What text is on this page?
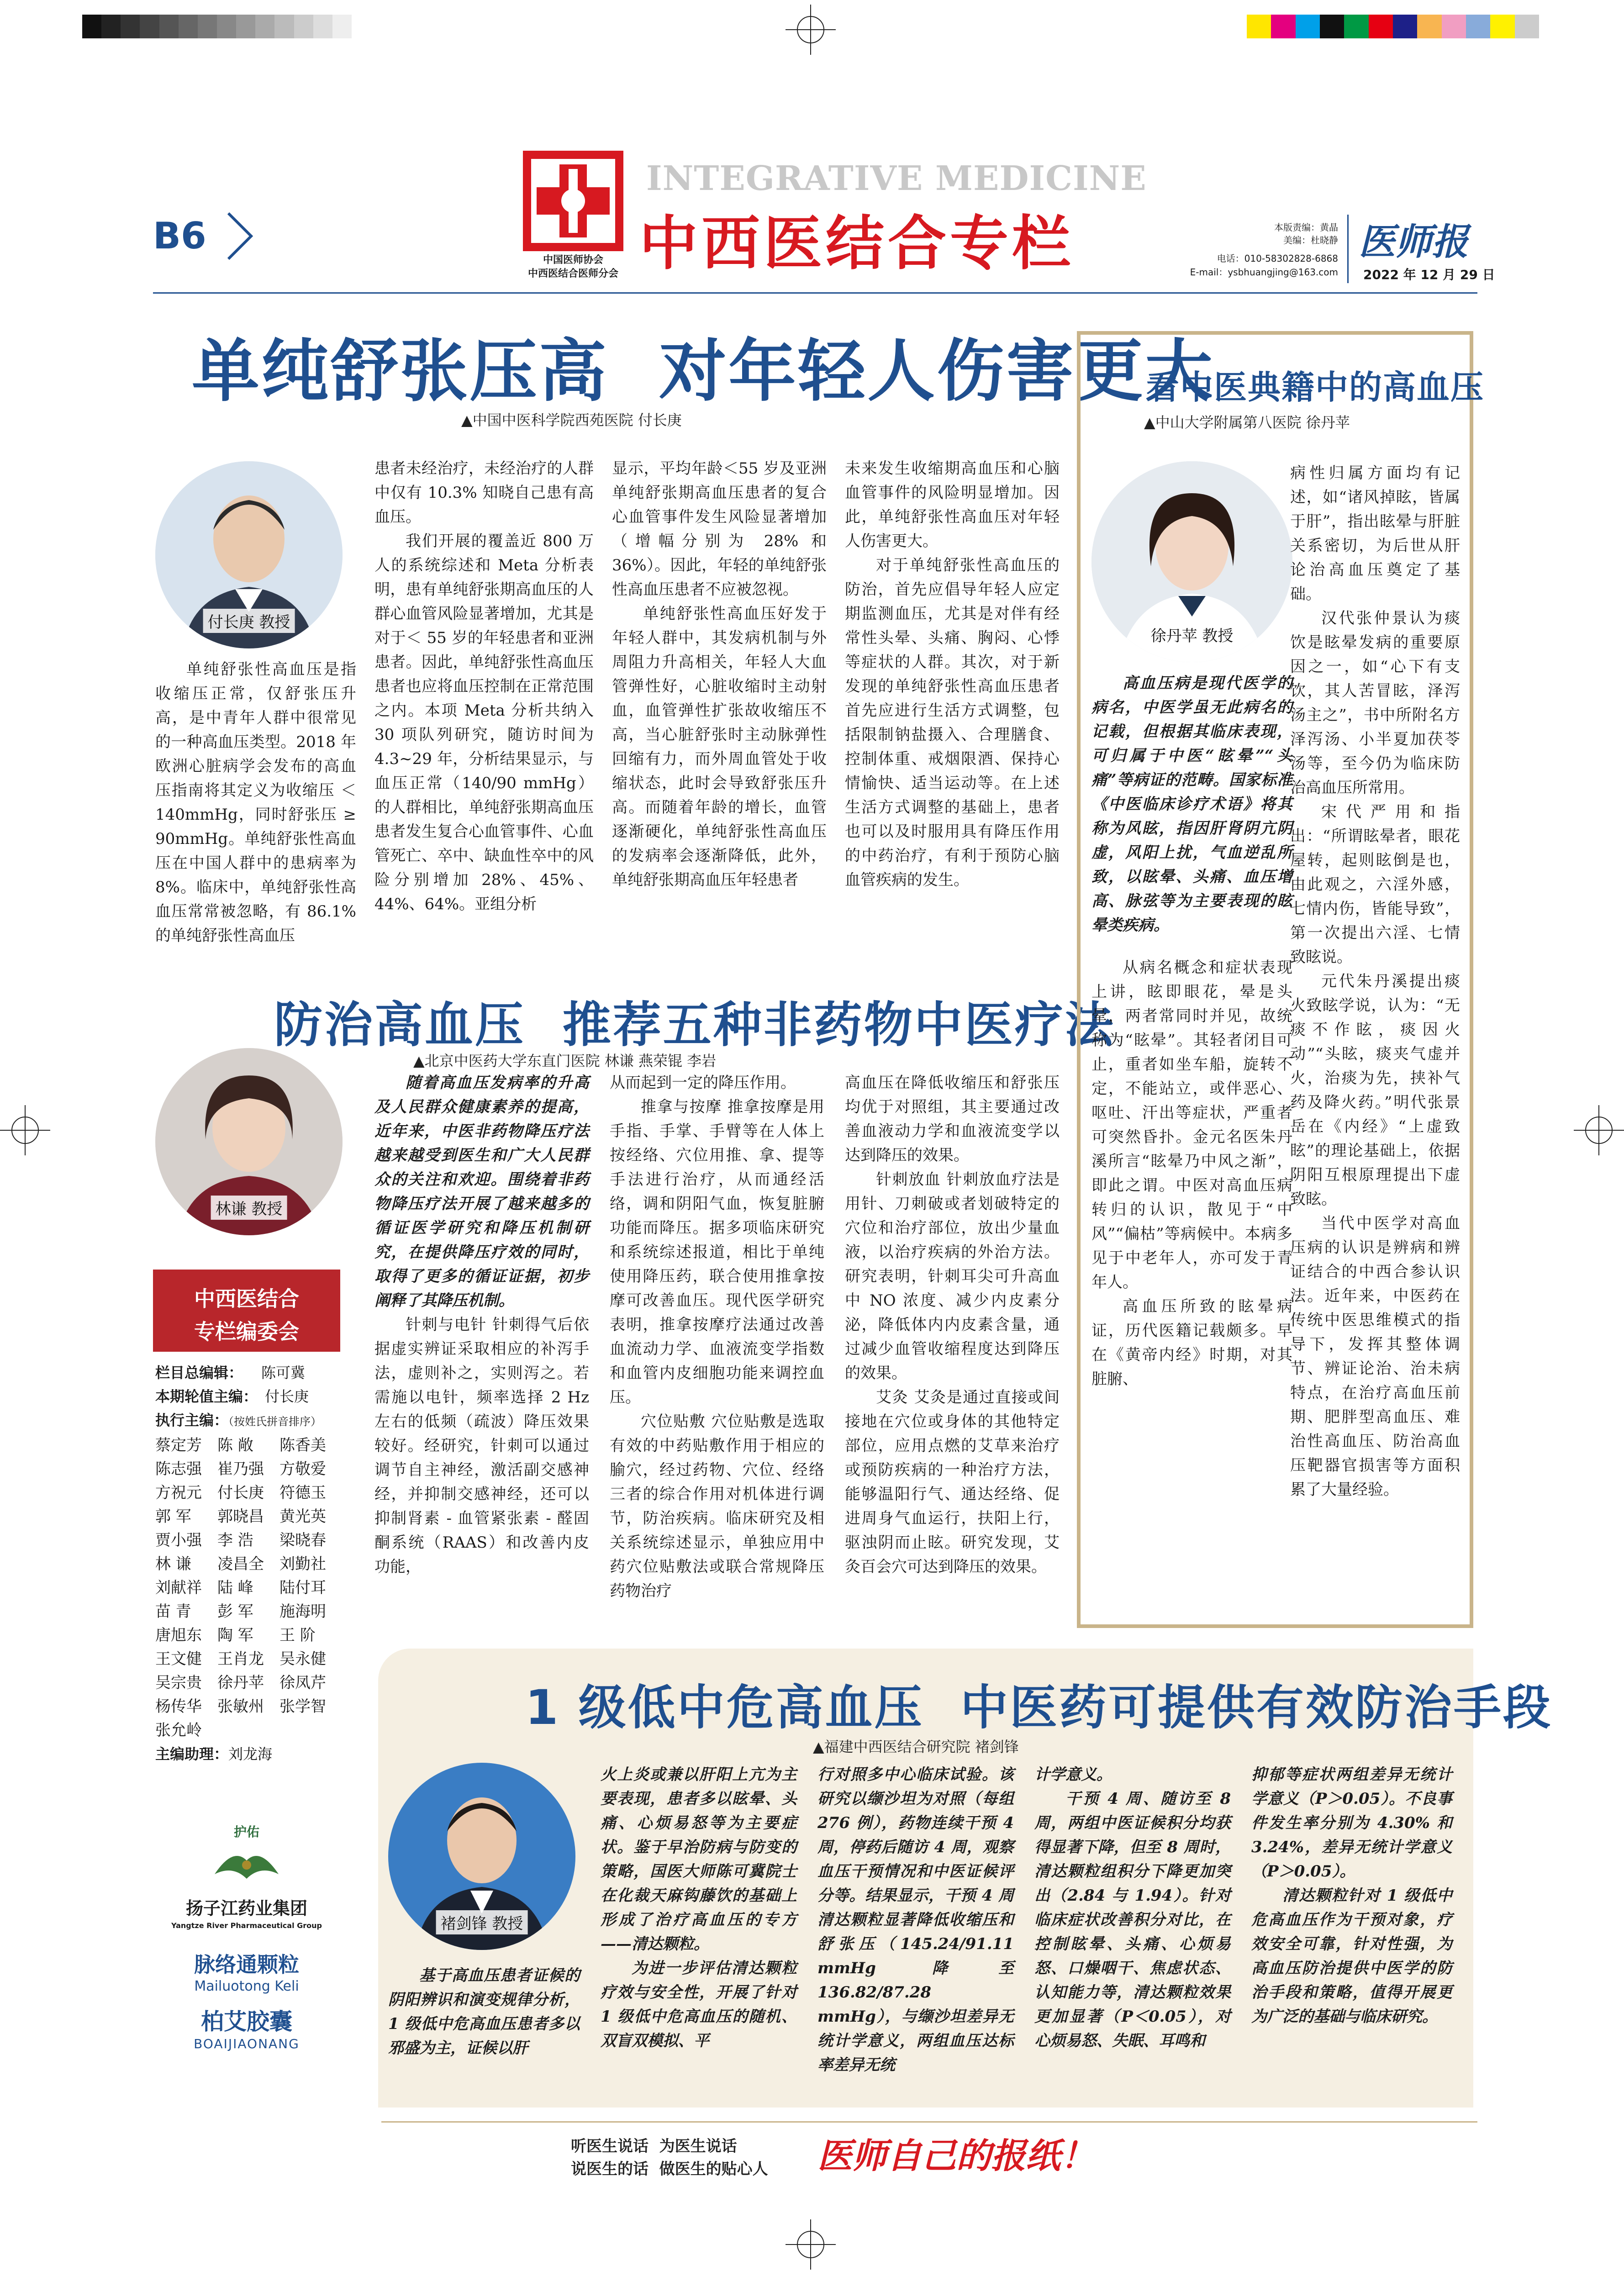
B6
中国医师协会
中西医结合医师分会
INTEGRATIVE MEDICINE
中西医结合专栏	本版责编：黄晶
美编：杜晓静
电话：010-58302828-6868
E-mail：ysbhuangjing@163.com
医师报
2022 年 12 月 29 日
单纯舒张压高  对年轻人伤害更大
▲中国中医科学院西苑医院 付长庚
付长庚 教授

单纯舒张性高血压是指收缩压正常，仅舒张压升高，是中青年人群中很常见的一种高血压类型。2018 年欧洲心脏病学会发布的高血压指南将其定义为收缩压 ＜ 140mmHg，同时舒张压 ≥ 90mmHg。单纯舒张性高血压在中国人群中的患病率为 8%。临床中，单纯舒张性高血压常常被忽略，有 86.1% 的单纯舒张性高血压

患者未经治疗，未经治疗的人群中仅有 10.3% 知晓自己患有高血压。

我们开展的覆盖近 800 万人的系统综述和 Meta 分析表明，患有单纯舒张期高血压的人群心血管风险显著增加，尤其是对于＜ 55 岁的年轻患者和亚洲患者。因此，单纯舒张性高血压患者也应将血压控制在正常范围之内。本项 Meta 分析共纳入 30 项队列研究，随访时间为 4.3~29 年，分析结果显示，与血压正常（140/90 mmHg）的人群相比，单纯舒张期高血压患者发生复合心血管事件、心血管死亡、卒中、缺血性卒中的风险分别增加 28%、45%、44%、64%。亚组分析

显示，平均年龄＜55 岁及亚洲单纯舒张期高血压患者的复合心血管事件发生风险显著增加（增幅分别为 28% 和 36%）。因此，年轻的单纯舒张性高血压患者不应被忽视。

单纯舒张性高血压好发于年轻人群中，其发病机制与外周阻力升高相关，年轻人大血管弹性好，心脏收缩时主动射血，血管弹性扩张故收缩压不高，当心脏舒张时主动脉弹性回缩有力，而外周血管处于收缩状态，此时会导致舒张压升高。而随着年龄的增长，血管逐渐硬化，单纯舒张性高血压的发病率会逐渐降低，此外，单纯舒张期高血压年轻患者

未来发生收缩期高血压和心脑血管事件的风险明显增加。因此，单纯舒张性高血压对年轻人伤害更大。

对于单纯舒张性高血压的防治，首先应倡导年轻人应定期监测血压，尤其是对伴有经常性头晕、头痛、胸闷、心悸等症状的人群。其次，对于新发现的单纯舒张性高血压患者首先应进行生活方式调整，包括限制钠盐摄入、合理膳食、控制体重、戒烟限酒、保持心情愉快、适当运动等。在上述生活方式调整的基础上，患者也可以及时服用具有降压作用的中药治疗，有利于预防心脑血管疾病的发生。

防治高血压  推荐五种非药物中医疗法
▲北京中医药大学东直门医院 林谦 燕荣锟 李岩
林谦 教授

随着高血压发病率的升高及人民群众健康素养的提高，近年来，中医非药物降压疗法越来越受到医生和广大人民群众的关注和欢迎。围绕着非药物降压疗法开展了越来越多的循证医学研究和降压机制研究，在提供降压疗效的同时，取得了更多的循证证据，初步阐释了其降压机制。

针刺与电针 针刺得气后依据虚实辨证采取相应的补泻手法，虚则补之，实则泻之。若需施以电针，频率选择 2 Hz 左右的低频（疏波）降压效果较好。经研究，针刺可以通过调节自主神经，激活副交感神经，并抑制交感神经，还可以抑制肾素 - 血管紧张素 - 醛固酮系统（RAAS）和改善内皮功能，

从而起到一定的降压作用。

推拿与按摩 推拿按摩是用手指、手掌、手臂等在人体上按经络、穴位用推、拿、提等手法进行治疗，从而通经活络，调和阴阳气血，恢复脏腑功能而降压。据多项临床研究和系统综述报道，相比于单纯使用降压药，联合使用推拿按摩可改善血压。现代医学研究表明，推拿按摩疗法通过改善血流动力学、血液流变学指数和血管内皮细胞功能来调控血压。

穴位贴敷 穴位贴敷是选取有效的中药贴敷作用于相应的腧穴，经过药物、穴位、经络三者的综合作用对机体进行调节，防治疾病。临床研究及相关系统综述显示，单独应用中药穴位贴敷法或联合常规降压药物治疗

高血压在降低收缩压和舒张压均优于对照组，其主要通过改善血液动力学和血液流变学以达到降压的效果。

针刺放血 针刺放血疗法是用针、刀刺破或者划破特定的穴位和治疗部位，放出少量血液，以治疗疾病的外治方法。研究表明，针刺耳尖可升高血中 NO 浓度、减少内皮素分泌，降低体内内皮素含量，通过减少血管收缩程度达到降压的效果。

艾灸 艾灸是通过直接或间接地在穴位或身体的其他特定部位，应用点燃的艾草来治疗或预防疾病的一种治疗方法，能够温阳行气、通达经络、促进周身气血运行，扶阳上行，驱浊阴而止眩。研究发现，艾灸百会穴可达到降压的效果。

中西医结合
专栏编委会
栏目总编辑： 陈可冀
本期轮值主编： 付长庚
执行主编：（按姓氏拼音排序）
蔡定芳	陈 敞	陈香美
陈志强	崔乃强	方敬爱
方祝元	付长庚	符德玉
郭 军	郭晓昌	黄光英
贾小强	李 浩	梁晓春
林 谦	凌昌全	刘勤社
刘献祥	陆 峰	陆付耳
苗 青	彭 军	施海明
唐旭东	陶 军	王 阶
王文健	王肖龙	吴永健
吴宗贵	徐丹苹	徐凤芹
杨传华	张敏州	张学智
张允岭
主编助理：刘龙海
护佑
扬子江药业集团
Yangtze River Pharmaceutical Group
脉络通颗粒
Mailuotong Keli
柏艾胶囊
BOAIJIAONANG
看中医典籍中的高血压
▲中山大学附属第八医院 徐丹苹
徐丹苹 教授

高血压病是现代医学的病名，中医学虽无此病名的记载，但根据其临床表现，可归属于中医“眩晕”“头痛”等病证的范畴。国家标准《中医临床诊疗术语》将其称为风眩，指因肝肾阴亢阴虚，风阳上扰，气血逆乱所致，以眩晕、头痛、血压增高、脉弦等为主要表现的眩晕类疾病。

从病名概念和症状表现上讲，眩即眼花，晕是头晕，两者常同时并见，故统称为“眩晕”。其轻者闭目可止，重者如坐车船，旋转不定，不能站立，或伴恶心、呕吐、汗出等症状，严重者可突然昏扑。金元名医朱丹溪所言“眩晕乃中风之渐”，即此之谓。中医对高血压病转归的认识，散见于“中风”“偏枯”等病候中。本病多见于中老年人，亦可发于青年人。

高血压所致的眩晕病证，历代医籍记载颇多。早在《黄帝内经》时期，对其脏腑、

病性归属方面均有记述，如“诸风掉眩，皆属于肝”，指出眩晕与肝脏关系密切，为后世从肝论治高血压奠定了基础。

汉代张仲景认为痰饮是眩晕发病的重要原因之一，如“心下有支饮，其人苦冒眩，泽泻汤主之”，书中所附名方泽泻汤、小半夏加茯苓汤等，至今仍为临床防治高血压所常用。

宋代严用和指出：“所谓眩晕者，眼花屋转，起则眩倒是也，由此观之，六淫外感，七情内伤，皆能导致”，第一次提出六淫、七情致眩说。

元代朱丹溪提出痰火致眩学说，认为：“无痰不作眩，痰因火动”“头眩，痰夹气虚并火，治痰为先，挟补气药及降火药。”明代张景岳在《内经》“上虚致眩”的理论基础上，依据阴阳互根原理提出下虚致眩。

当代中医学对高血压病的认识是辨病和辨证结合的中西合参认识法。近年来，中医药在传统中医思维模式的指导下，发挥其整体调节、辨证论治、治未病特点，在治疗高血压前期、肥胖型高血压、难治性高血压、防治高血压靶器官损害等方面积累了大量经验。

1 级低中危高血压  中医药可提供有效防治手段
▲福建中西医结合研究院 褚剑锋
褚剑锋 教授

基于高血压患者证候的阴阳辨识和演变规律分析，1 级低中危高血压患者多以邪盛为主，证候以肝

火上炎或兼以肝阳上亢为主要表现，患者多以眩晕、头痛、心烦易怒等为主要症状。鉴于早治防病与防变的策略，国医大师陈可冀院士在化裁天麻钩藤饮的基础上形成了治疗高血压的专方——清达颗粒。

为进一步评估清达颗粒疗效与安全性，开展了针对 1 级低中危高血压的随机、双盲双模拟、平

行对照多中心临床试验。该研究以缬沙坦为对照（每组 276 例），药物连续干预 4 周，停药后随访 4 周，观察血压干预情况和中医证候评分等。结果显示，干预 4 周清达颗粒显著降低收缩压和舒张压（145.24/91.11 mmHg 降至 136.82/87.28 mmHg），与缬沙坦差异无统计学意义，两组血压达标率差异无统

计学意义。

干预 4 周、随访至 8 周，两组中医证候积分均获得显著下降，但至 8 周时，清达颗粒组积分下降更加突出（2.84 与 1.94）。针对临床症状改善积分对比，在控制眩晕、头痛、心烦易怒、口燥咽干、焦虑状态、认知能力等，清达颗粒效果更加显著（P＜0.05），对心烦易怒、失眠、耳鸣和

抑郁等症状两组差异无统计学意义（P＞0.05）。不良事件发生率分别为 4.30% 和 3.24%，差异无统计学意义（P＞0.05）。

清达颗粒针对 1 级低中危高血压作为干预对象，疗效安全可靠，针对性强，为高血压防治提供中医学的防治手段和策略，值得开展更为广泛的基础与临床研究。

听医生说话  为医生说话
说医生的话  做医生的贴心人 医师自己的报纸！
